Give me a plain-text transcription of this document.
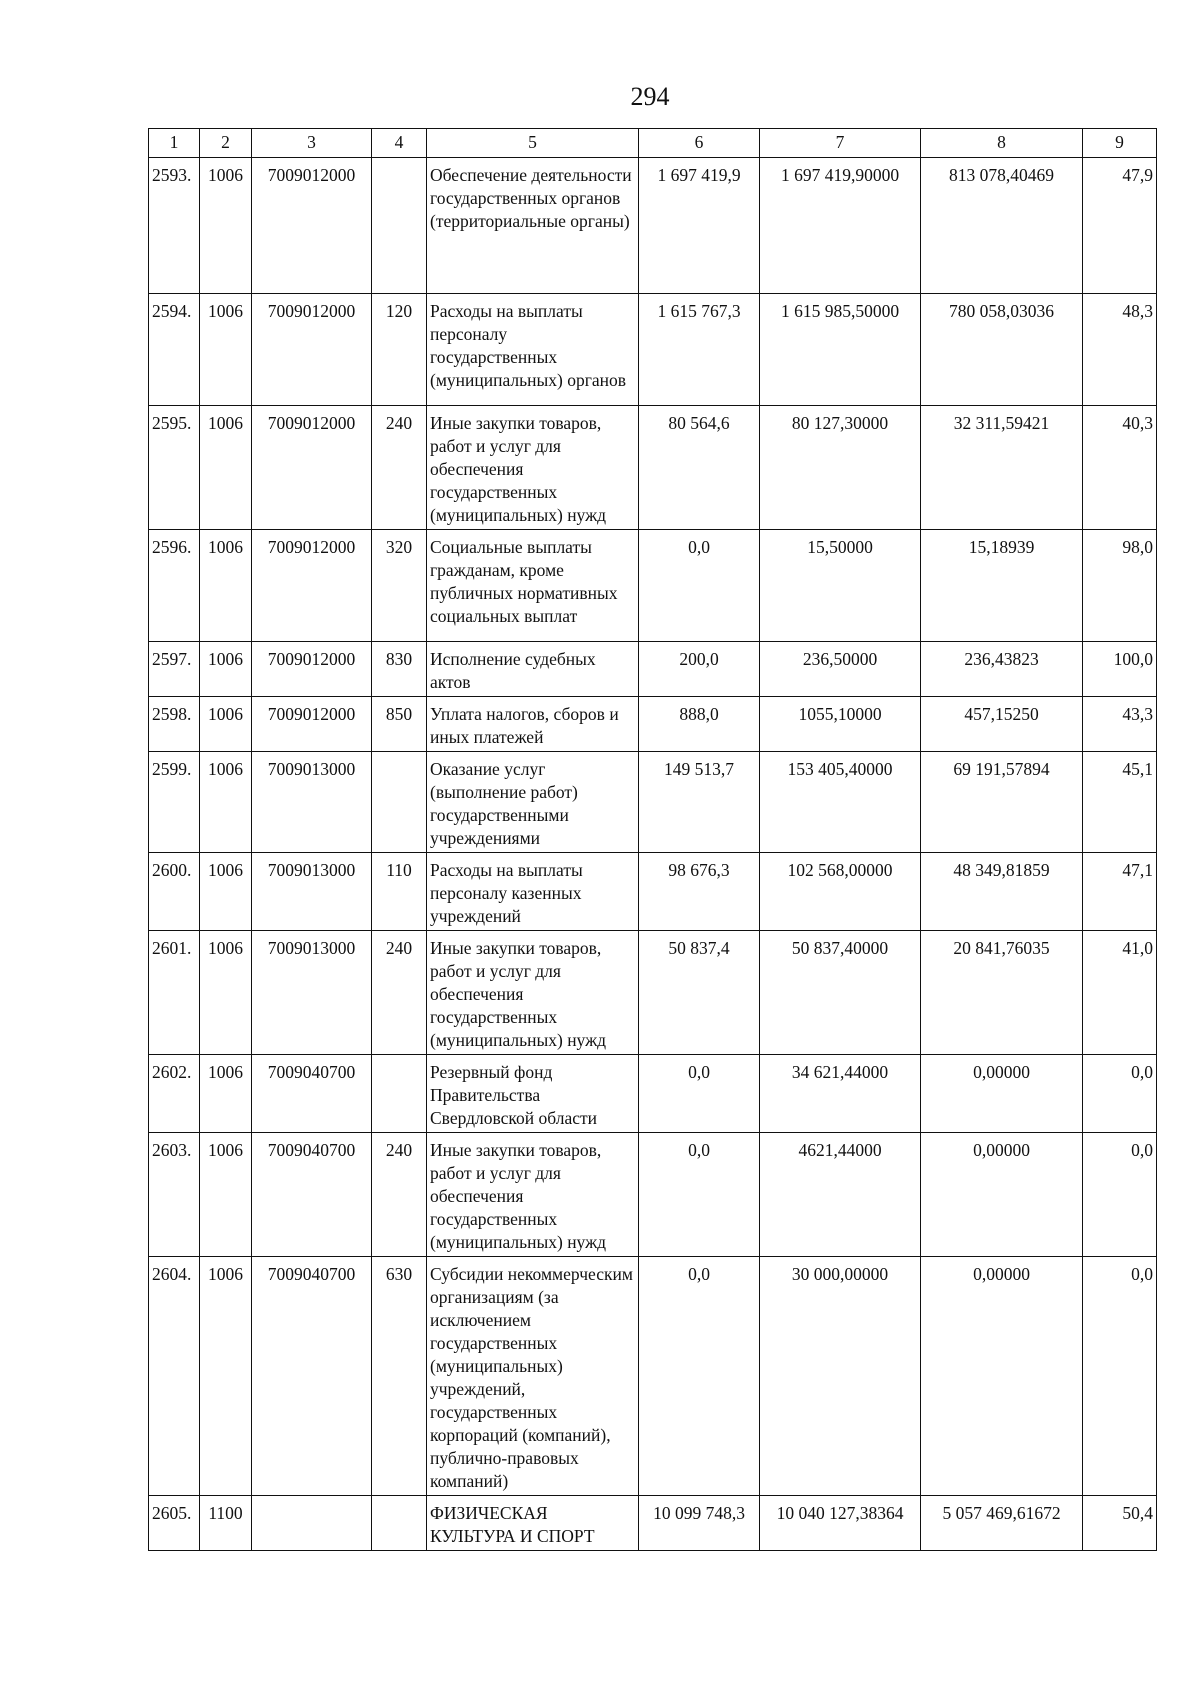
294
1	2	3	4	5	6	7	8	9
2593.	1006	7009012000		Обеспечение деятельности государственных органов (территориальные органы)	1 697 419,9	1 697 419,90000	813 078,40469	47,9
2594.	1006	7009012000	120	Расходы на выплаты персоналу государственных (муниципальных) органов	1 615 767,3	1 615 985,50000	780 058,03036	48,3
2595.	1006	7009012000	240	Иные закупки товаров, работ и услуг для обеспечения государственных (муниципальных) нужд	80 564,6	80 127,30000	32 311,59421	40,3
2596.	1006	7009012000	320	Социальные выплаты гражданам, кроме публичных нормативных социальных выплат	0,0	15,50000	15,18939	98,0
2597.	1006	7009012000	830	Исполнение судебных актов	200,0	236,50000	236,43823	100,0
2598.	1006	7009012000	850	Уплата налогов, сборов и иных платежей	888,0	1055,10000	457,15250	43,3
2599.	1006	7009013000		Оказание услуг (выполнение работ) государственными учреждениями	149 513,7	153 405,40000	69 191,57894	45,1
2600.	1006	7009013000	110	Расходы на выплаты персоналу казенных учреждений	98 676,3	102 568,00000	48 349,81859	47,1
2601.	1006	7009013000	240	Иные закупки товаров, работ и услуг для обеспечения государственных (муниципальных) нужд	50 837,4	50 837,40000	20 841,76035	41,0
2602.	1006	7009040700		Резервный фонд Правительства Свердловской области	0,0	34 621,44000	0,00000	0,0
2603.	1006	7009040700	240	Иные закупки товаров, работ и услуг для обеспечения государственных (муниципальных) нужд	0,0	4621,44000	0,00000	0,0
2604.	1006	7009040700	630	Субсидии некоммерческим организациям (за исключением государственных (муниципальных) учреждений, государственных корпораций (компаний), публично-правовых компаний)	0,0	30 000,00000	0,00000	0,0
2605.	1100			ФИЗИЧЕСКАЯ КУЛЬТУРА И СПОРТ	10 099 748,3	10 040 127,38364	5 057 469,61672	50,4
